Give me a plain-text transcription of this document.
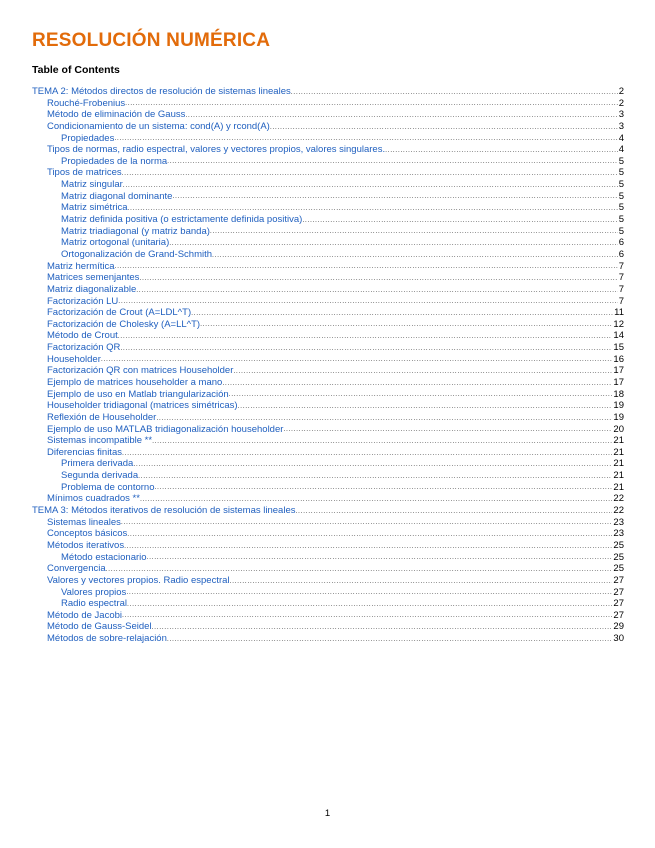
RESOLUCIÓN NUMÉRICA
Table of Contents
TEMA 2: Métodos directos de resolución de sistemas lineales .....	2
Rouché-Frobenius .....	2
Método de eliminación de Gauss .....	3
Condicionamiento de un sistema: cond(A) y rcond(A) .....	3
Propiedades .....	4
Tipos de normas, radio espectral, valores y vectores propios, valores singulares. .....	4
Propiedades de la norma .....	5
Tipos de matrices .....	5
Matriz singular .....	5
Matriz diagonal dominante .....	5
Matriz simétrica .....	5
Matriz definida positiva (o estrictamente definida positiva) .....	5
Matriz triadiagonal (y matriz banda) .....	5
Matriz ortogonal (unitaria) .....	6
Ortogonalización de Grand-Schmith .....	6
Matriz hermítica .....	7
Matrices semenjantes .....	7
Matriz diagonalizable .....	7
Factorización LU .....	7
Factorización de Crout (A=LDL^T) .....	11
Factorización de Cholesky (A=LL^T) .....	12
Método de Crout .....	14
Factorización QR .....	15
Householder .....	16
Factorización QR con matrices Householder .....	17
Ejemplo de matrices householder a mano .....	17
Ejemplo de uso en Matlab triangularización .....	18
Householder tridiagonal (matrices simétricas) .....	19
Reflexión de Householder .....	19
Ejemplo de uso MATLAB tridiagonalización householder .....	20
Sistemas incompatible ** .....	21
Diferencias finitas .....	21
Primera derivada .....	21
Segunda derivada .....	21
Problema de contorno .....	21
Mínimos cuadrados ** .....	22
TEMA 3: Métodos iterativos de resolución de sistemas lineales .....	22
Sistemas lineales .....	23
Conceptos básicos .....	23
Métodos iterativos .....	25
Método estacionario .....	25
Convergencia .....	25
Valores y vectores propios. Radio espectral .....	27
Valores propios .....	27
Radio espectral .....	27
Método de Jacobi .....	27
Método de Gauss-Seidel .....	29
Métodos de sobre-relajación .....	30
1
